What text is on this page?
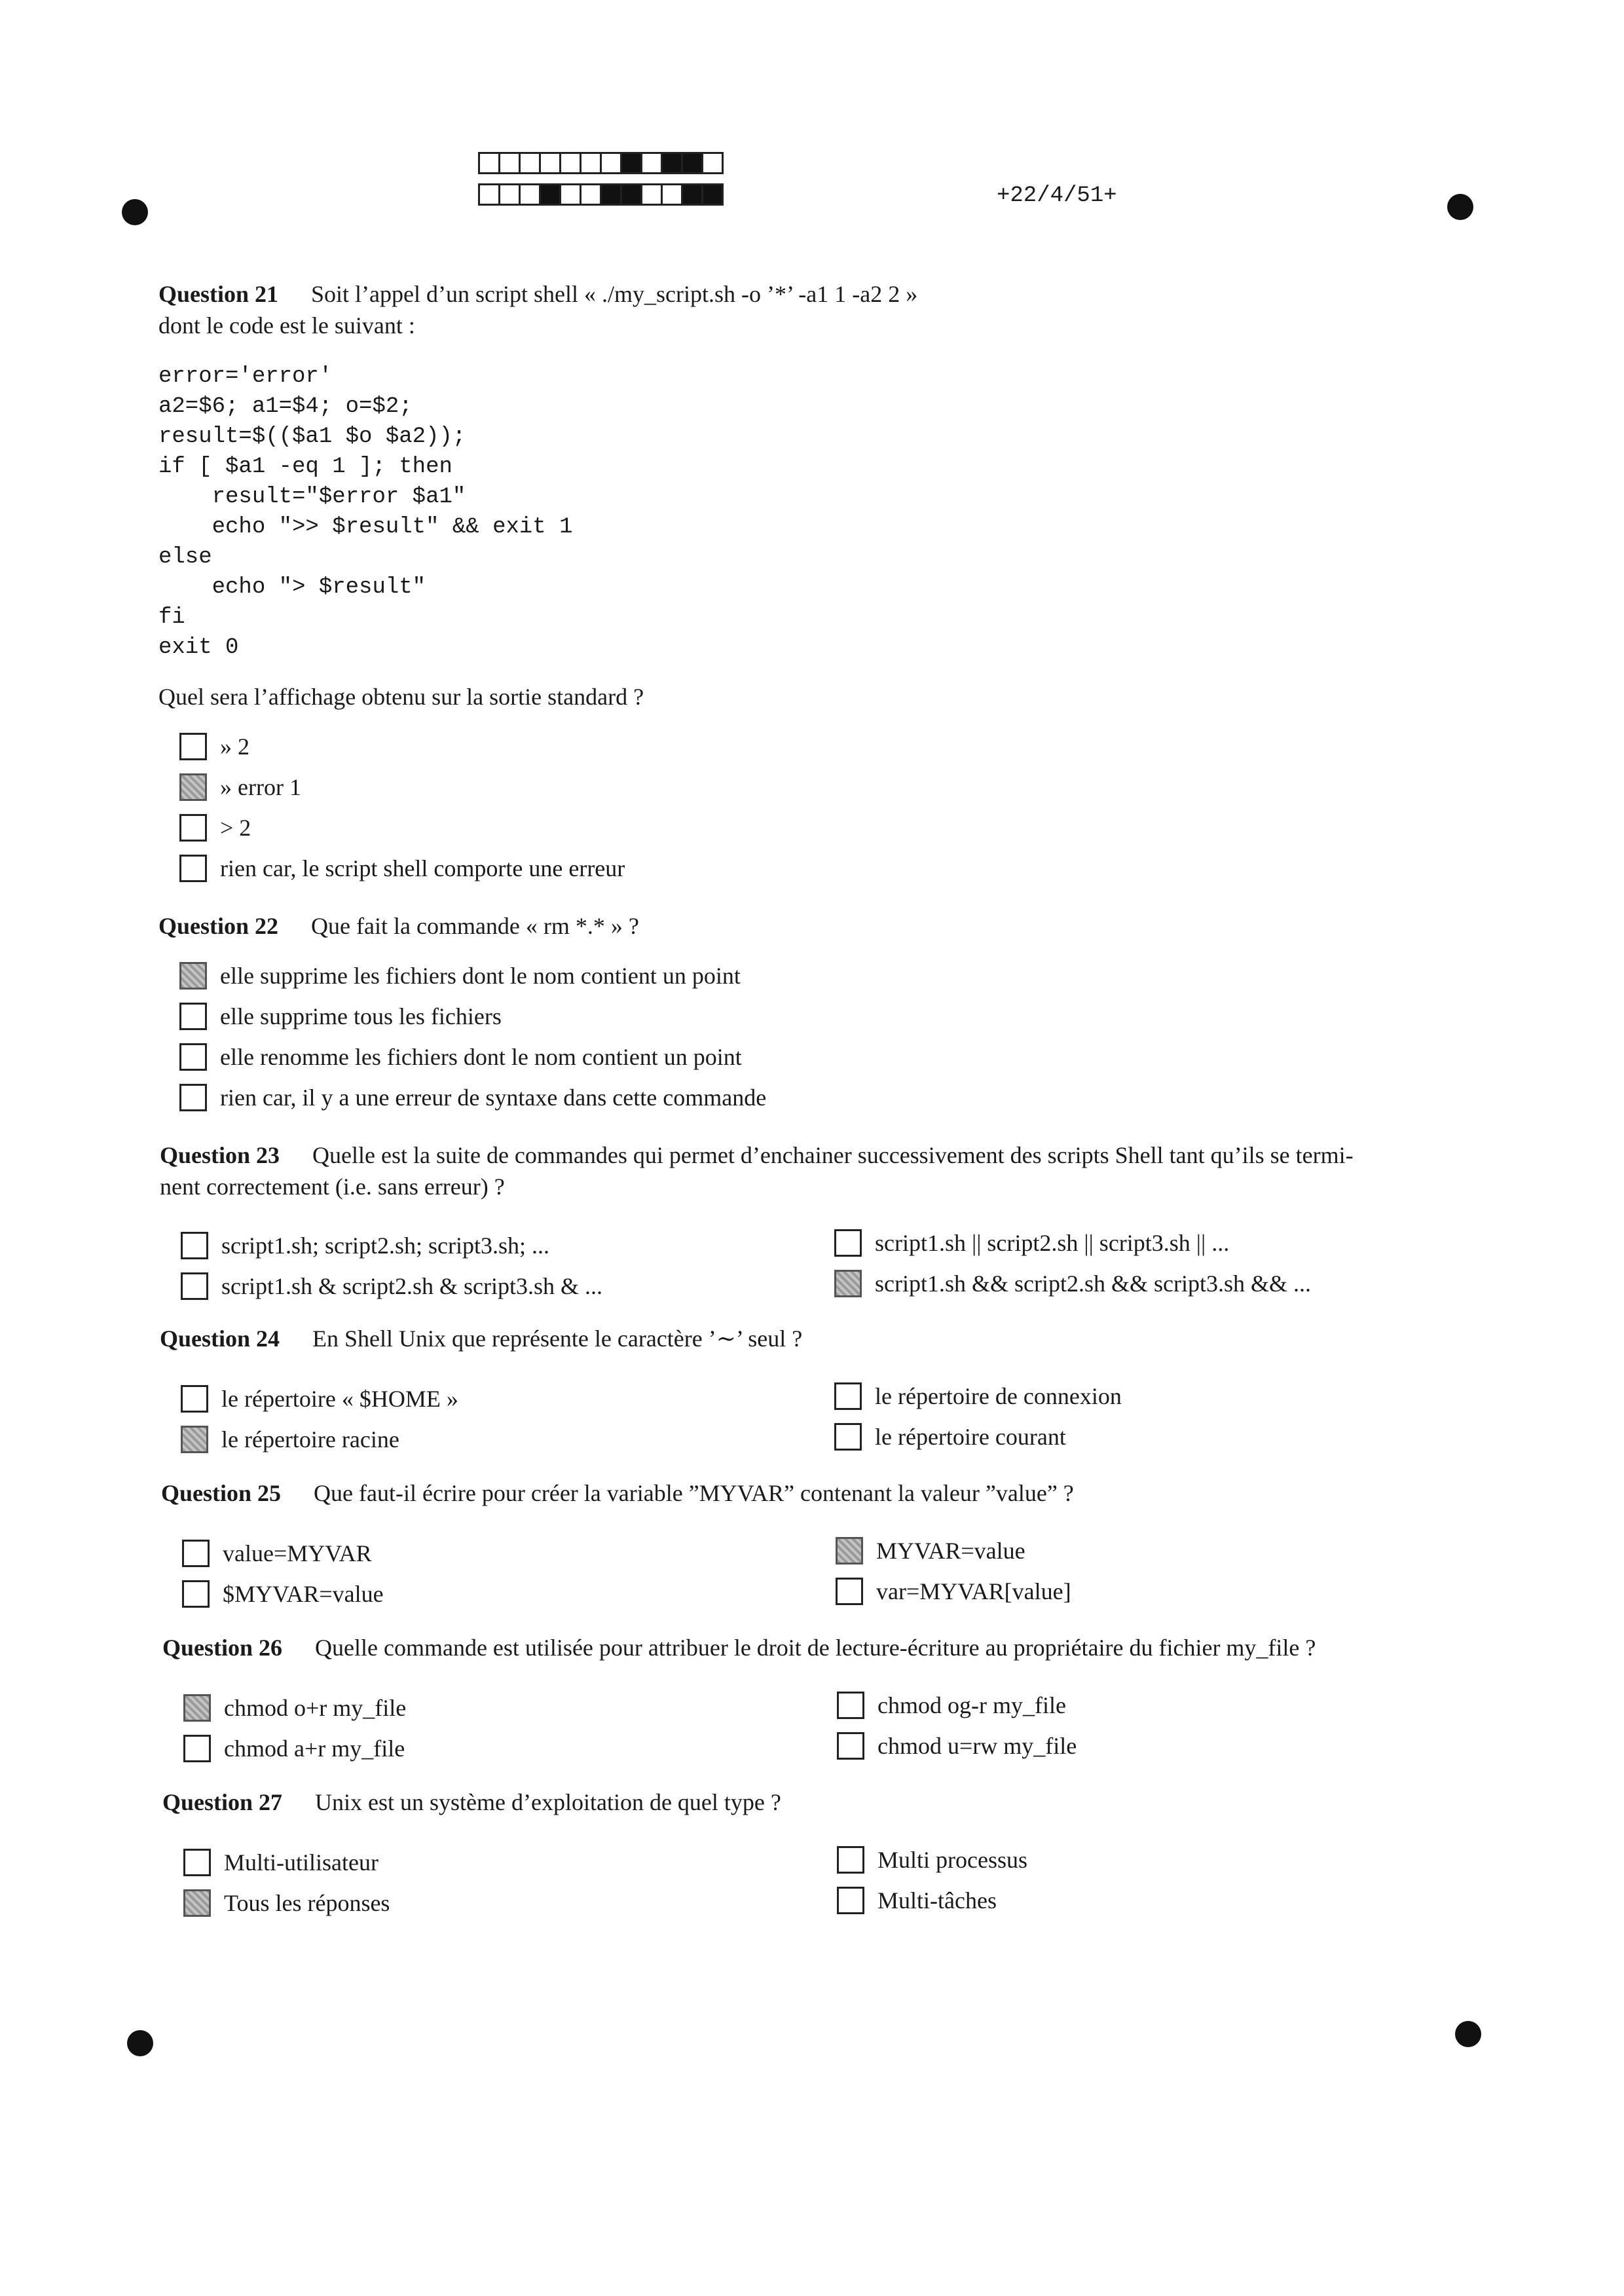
+22/4/51+
Question 21 Soit l’appel d’un script shell « ./my_script.sh -o ’*’ -a1 1 -a2 2 »
dont le code est le suivant :
error='error'
a2=$6; a1=$4; o=$2;
result=$(($a1 $o $a2));
if [ $a1 -eq 1 ]; then
result="$error $a1"
echo ">> $result" && exit 1
else
echo "> $result"
fi
exit 0
Quel sera l’affichage obtenu sur la sortie standard ?
» 2
» error 1
> 2
rien car, le script shell comporte une erreur
Question 22 Que fait la commande « rm *.* » ?
elle supprime les fichiers dont le nom contient un point
elle supprime tous les fichiers
elle renomme les fichiers dont le nom contient un point
rien car, il y a une erreur de syntaxe dans cette commande
Question 23 Quelle est la suite de commandes qui permet d’enchainer successivement des scripts Shell tant qu’ils se termi-
nent correctement (i.e. sans erreur) ?
script1.sh; script2.sh; script3.sh; ...
script1.sh & script2.sh & script3.sh & ...
script1.sh || script2.sh || script3.sh || ...
script1.sh && script2.sh && script3.sh && ...
Question 24 En Shell Unix que représente le caractère ’∼’ seul ?
le répertoire « $HOME »
le répertoire racine
le répertoire de connexion
le répertoire courant
Question 25 Que faut-il écrire pour créer la variable ”MYVAR” contenant la valeur ”value” ?
value=MYVAR
$MYVAR=value
MYVAR=value
var=MYVAR[value]
Question 26 Quelle commande est utilisée pour attribuer le droit de lecture-écriture au propriétaire du fichier my_file ?
chmod o+r my_file
chmod a+r my_file
chmod og-r my_file
chmod u=rw my_file
Question 27 Unix est un système d’exploitation de quel type ?
Multi-utilisateur
Tous les réponses
Multi processus
Multi-tâches
